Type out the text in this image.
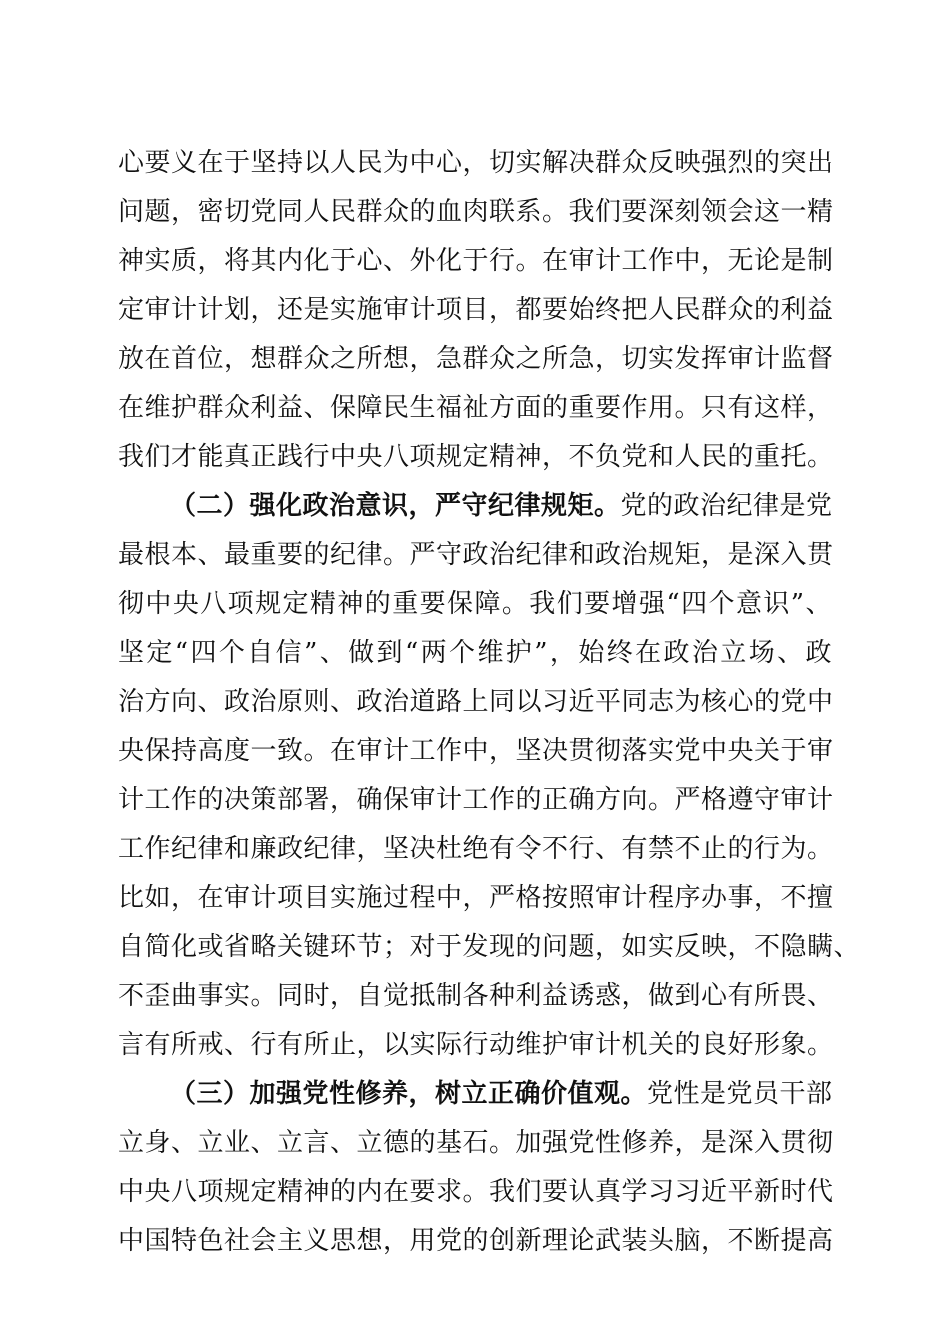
心要义在于坚持以人民为中心，切实解决群众反映强烈的突出
问题，密切党同人民群众的血肉联系。我们要深刻领会这一精
神实质，将其内化于心、外化于行。在审计工作中，无论是制
定审计计划，还是实施审计项目，都要始终把人民群众的利益
放在首位，想群众之所想，急群众之所急，切实发挥审计监督
在维护群众利益、保障民生福祉方面的重要作用。只有这样，
我们才能真正践行中央八项规定精神，不负党和人民的重托。
（二）强化政治意识，严守纪律规矩。党的政治纪律是党
最根本、最重要的纪律。严守政治纪律和政治规矩，是深入贯
彻中央八项规定精神的重要保障。我们要增强“四个意识”、
坚定“四个自信”、做到“两个维护”，始终在政治立场、政
治方向、政治原则、政治道路上同以习近平同志为核心的党中
央保持高度一致。在审计工作中，坚决贯彻落实党中央关于审
计工作的决策部署，确保审计工作的正确方向。严格遵守审计
工作纪律和廉政纪律，坚决杜绝有令不行、有禁不止的行为。
比如，在审计项目实施过程中，严格按照审计程序办事，不擅
自简化或省略关键环节；对于发现的问题，如实反映，不隐瞒、
不歪曲事实。同时，自觉抵制各种利益诱惑，做到心有所畏、
言有所戒、行有所止，以实际行动维护审计机关的良好形象。
（三）加强党性修养，树立正确价值观。党性是党员干部
立身、立业、立言、立德的基石。加强党性修养，是深入贯彻
中央八项规定精神的内在要求。我们要认真学习习近平新时代
中国特色社会主义思想，用党的创新理论武装头脑，不断提高
